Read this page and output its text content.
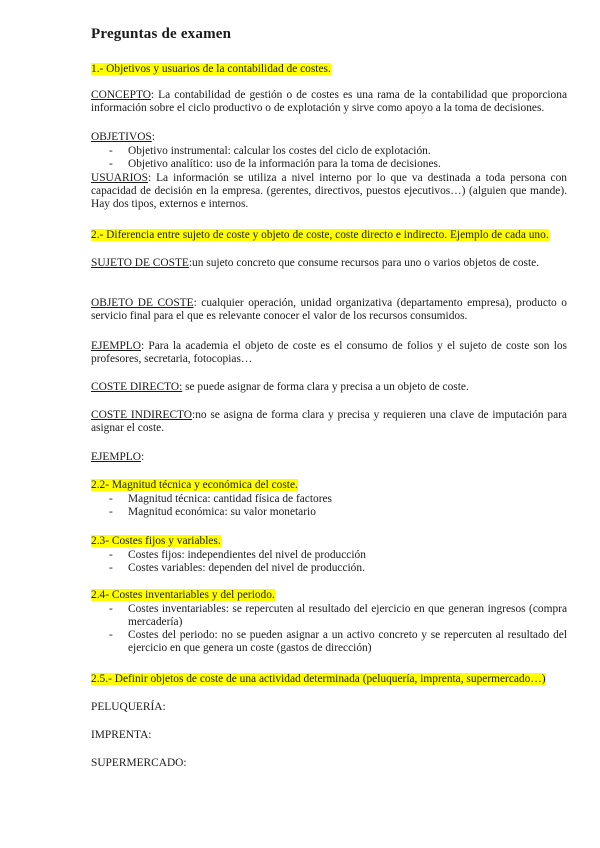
Preguntas de examen
1.- Objetivos y usuarios de la contabilidad de costes.
CONCEPTO: La contabilidad de gestión o de costes es una rama de la contabilidad que proporciona información sobre el ciclo productivo o de explotación y sirve como apoyo a la toma de decisiones.
OBJETIVOS:
- Objetivo instrumental: calcular los costes del ciclo de explotación.
- Objetivo analítico: uso de la información para la toma de decisiones.
USUARIOS: La información se utiliza a nivel interno por lo que va destinada a toda persona con capacidad de decisión en la empresa. (gerentes, directivos, puestos ejecutivos…) (alguien que mande). Hay dos tipos, externos e internos.
2.- Diferencia entre sujeto de coste y objeto de coste, coste directo e indirecto. Ejemplo de cada uno.
SUJETO DE COSTE:un sujeto concreto que consume recursos para uno o varios objetos de coste.
OBJETO DE COSTE: cualquier operación, unidad organizativa (departamento empresa), producto o servicio final para el que es relevante conocer el valor de los recursos consumidos.
EJEMPLO: Para la academia el objeto de coste es el consumo de folios y el sujeto de coste son los profesores, secretaria, fotocopias…
COSTE DIRECTO: se puede asignar de forma clara y precisa a un objeto de coste.
COSTE INDIRECTO:no se asigna de forma clara y precisa y requieren una clave de imputación para asignar el coste.
EJEMPLO:
2.2- Magnitud técnica y económica del coste.
- Magnitud técnica: cantidad física de factores
- Magnitud económica: su valor monetario
2.3- Costes fijos y variables.
- Costes fijos: independientes del nivel de producción
- Costes variables: dependen del nivel de producción.
2.4- Costes inventariables y del periodo.
- Costes inventariables: se repercuten al resultado del ejercicio en que generan ingresos (compra mercadería)
- Costes del periodo: no se pueden asignar a un activo concreto y se repercuten al resultado del ejercicio en que genera un coste (gastos de dirección)
2.5.- Definir objetos de coste de una actividad determinada (peluquería, imprenta, supermercado…)
PELUQUERÍA:
IMPRENTA:
SUPERMERCADO:
